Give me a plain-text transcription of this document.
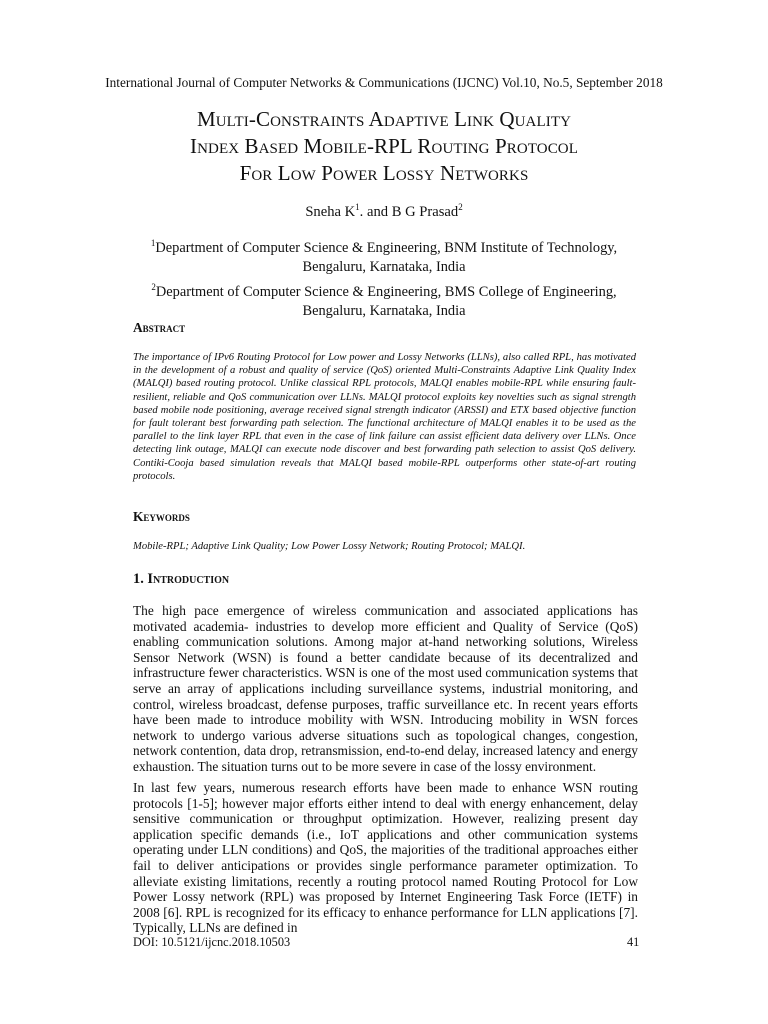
International Journal of Computer Networks & Communications (IJCNC) Vol.10, No.5, September 2018
Multi-Constraints Adaptive Link Quality
Index Based Mobile-RPL Routing Protocol
For Low Power Lossy Networks
Sneha $K^1$. and B G Prasad$^2$
$^1$Department of Computer Science & Engineering, BNM Institute of Technology,
Bengaluru, Karnataka, India
$^2$Department of Computer Science & Engineering, BMS College of Engineering,
Bengaluru, Karnataka, India
Abstract
The importance of IPv6 Routing Protocol for Low power and Lossy Networks (LLNs), also called RPL, has motivated in the development of a robust and quality of service (QoS) oriented Multi-Constraints Adaptive Link Quality Index (MALQI) based routing protocol. Unlike classical RPL protocols, MALQI enables mobile-RPL while ensuring fault-resilient, reliable and QoS communication over LLNs. MALQI protocol exploits key novelties such as signal strength based mobile node positioning, average received signal strength indicator (ARSSI) and ETX based objective function for fault tolerant best forwarding path selection. The functional architecture of MALQI enables it to be used as the parallel to the link layer RPL that even in the case of link failure can assist efficient data delivery over LLNs. Once detecting link outage, MALQI can execute node discover and best forwarding path selection to assist QoS delivery. Contiki-Cooja based simulation reveals that MALQI based mobile-RPL outperforms other state-of-art routing protocols.
Keywords
Mobile-RPL; Adaptive Link Quality; Low Power Lossy Network; Routing Protocol; MALQI.
1. Introduction
The high pace emergence of wireless communication and associated applications has motivated academia- industries to develop more efficient and Quality of Service (QoS) enabling communication solutions. Among major at-hand networking solutions, Wireless Sensor Network (WSN) is found a better candidate because of its decentralized and infrastructure fewer characteristics. WSN is one of the most used communication systems that serve an array of applications including surveillance systems, industrial monitoring, and control, wireless broadcast, defense purposes, traffic surveillance etc. In recent years efforts have been made to introduce mobility with WSN. Introducing mobility in WSN forces network to undergo various adverse situations such as topological changes, congestion, network contention, data drop, retransmission, end-to-end delay, increased latency and energy exhaustion. The situation turns out to be more severe in case of the lossy environment.
In last few years, numerous research efforts have been made to enhance WSN routing protocols [1-5]; however major efforts either intend to deal with energy enhancement, delay sensitive communication or throughput optimization. However, realizing present day application specific demands (i.e., IoT applications and other communication systems operating under LLN conditions) and QoS, the majorities of the traditional approaches either fail to deliver anticipations or provides single performance parameter optimization. To alleviate existing limitations, recently a routing protocol named Routing Protocol for Low Power Lossy network (RPL) was proposed by Internet Engineering Task Force (IETF) in 2008 [6]. RPL is recognized for its efficacy to enhance performance for LLN applications [7]. Typically, LLNs are defined in
DOI: 10.5121/ijcnc.2018.10503	41
